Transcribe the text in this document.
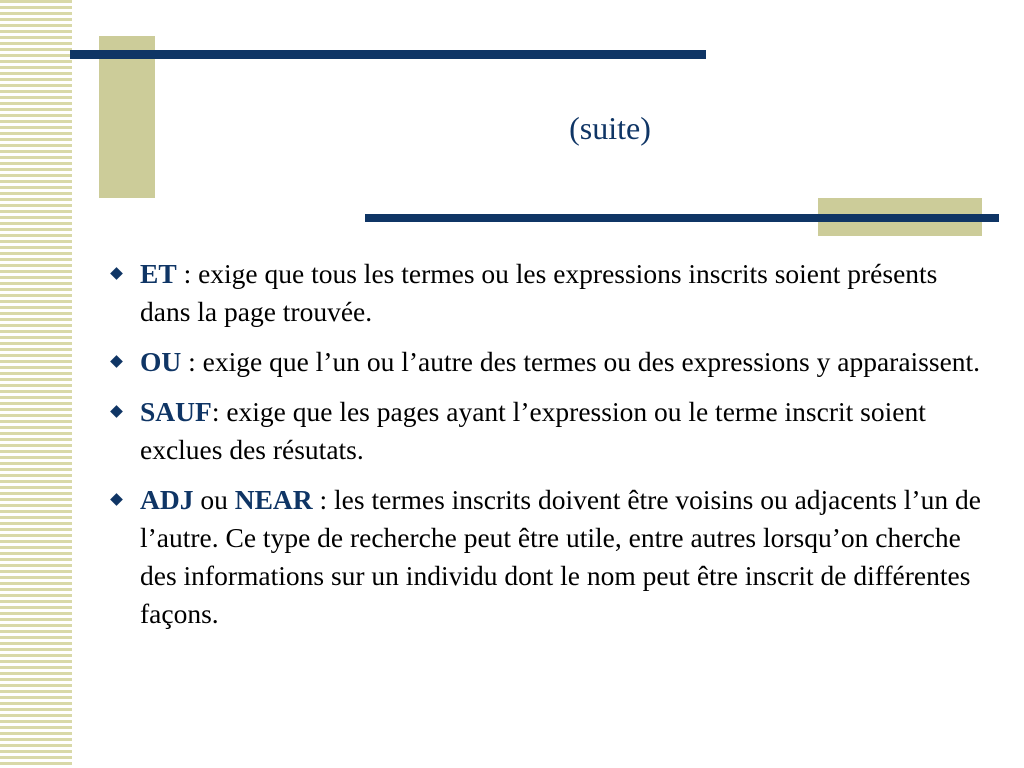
(suite)
ET : exige que tous les termes ou les expressions inscrits soient présents dans la page trouvée.
OU : exige que l’un ou l’autre des termes ou des expressions y apparaissent.
SAUF: exige que les pages ayant l’expression ou le terme inscrit soient exclues des résutats.
ADJ ou NEAR : les termes inscrits doivent être voisins ou adjacents l’un de l’autre. Ce type de recherche peut être utile, entre autres lorsqu’on cherche des informations sur un individu dont le nom peut être inscrit de différentes façons.
